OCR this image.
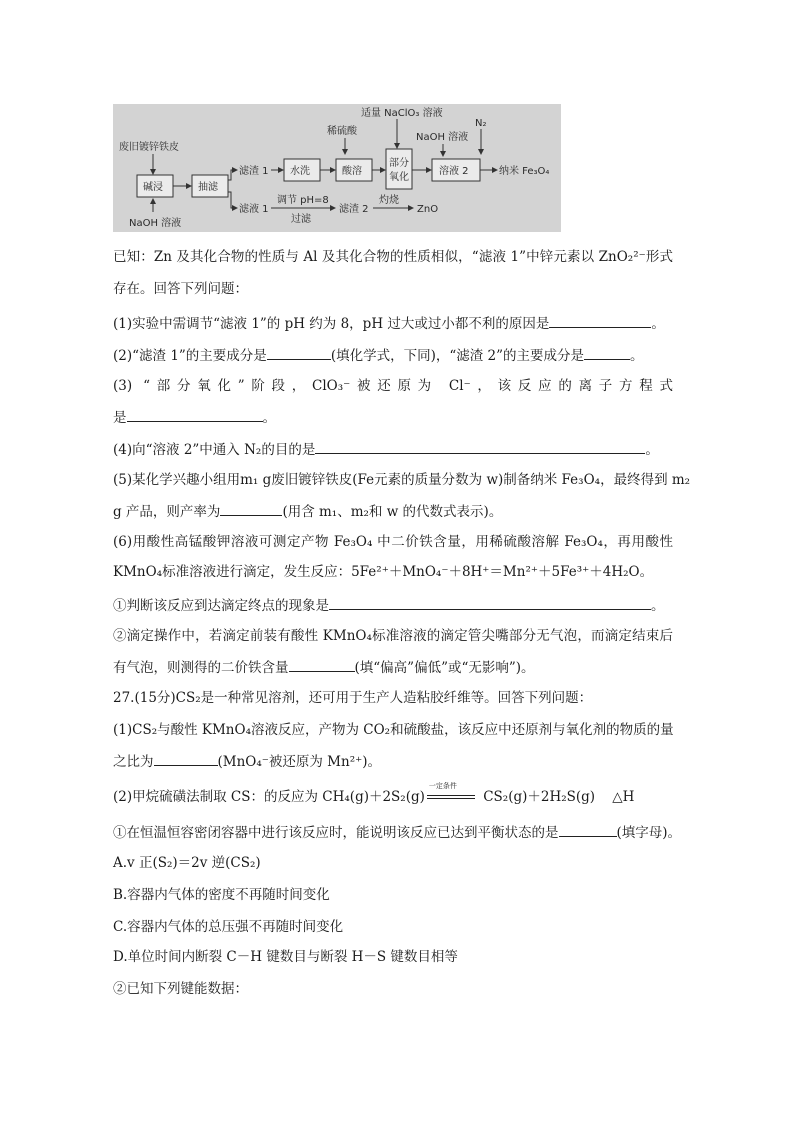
适量 NaClO₃ 溶液
N₂
稀硫酸
NaOH 溶液
废旧镀锌铁皮
碱浸
NaOH 溶液
抽滤
滤渣 1 水洗	酸溶
部分
氧化
溶液 2	纳米 Fe₃O₄
滤液 1
调节 pH=8
过滤
滤渣 2
灼烧
ZnO
已知：Zn 及其化合物的性质与 Al 及其化合物的性质相似，“滤液 1”中锌元素以 ZnO₂²⁻形式
存在。回答下列问题：
(1)实验中需调节“滤液 1”的 pH 约为 8，pH 过大或过小都不利的原因是	。
(2)“滤渣 1”的主要成分是	(填化学式，下同)，“滤渣 2”的主要成分是	。
(3) “部分氧化”阶段，ClO₃⁻被还原为 Cl⁻，该反应的离子方程式
是	。
(4)向“溶液 2”中通入 N₂的目的是	。
(5)某化学兴趣小组用m₁ g废旧镀锌铁皮(Fe元素的质量分数为 w)制备纳米 Fe₃O₄，最终得到 m₂
g 产品，则产率为	(用含 m₁、m₂和 w 的代数式表示)。
(6)用酸性高锰酸钾溶液可测定产物 Fe₃O₄ 中二价铁含量，用稀硫酸溶解 Fe₃O₄，再用酸性
KMnO₄标准溶液进行滴定，发生反应：5Fe²⁺＋MnO₄⁻＋8H⁺＝Mn²⁺＋5Fe³⁺＋4H₂O。
①判断该反应到达滴定终点的现象是	。
②滴定操作中，若滴定前装有酸性 KMnO₄标准溶液的滴定管尖嘴部分无气泡，而滴定结束后
有气泡，则测得的二价铁含量	(填“偏高”偏低”或“无影响”)。
27.(15分)CS₂是一种常见溶剂，还可用于生产人造粘胶纤维等。回答下列问题：
(1)CS₂与酸性 KMnO₄溶液反应，产物为 CO₂和硫酸盐，该反应中还原剂与氧化剂的物质的量
之比为	(MnO₄⁻被还原为 Mn²⁺)。
(2)甲烷硫磺法制取 CS：的反应为 CH₄(g)＋2S₂(g)
一定条件
CS₂(g)＋2H₂S(g) △H
①在恒温恒容密闭容器中进行该反应时，能说明该反应已达到平衡状态的是	(填字母)。
A.v 正(S₂)＝2v 逆(CS₂)
B.容器内气体的密度不再随时间变化
C.容器内气体的总压强不再随时间变化
D.单位时间内断裂 C－H 键数目与断裂 H－S 键数目相等
②已知下列键能数据：
